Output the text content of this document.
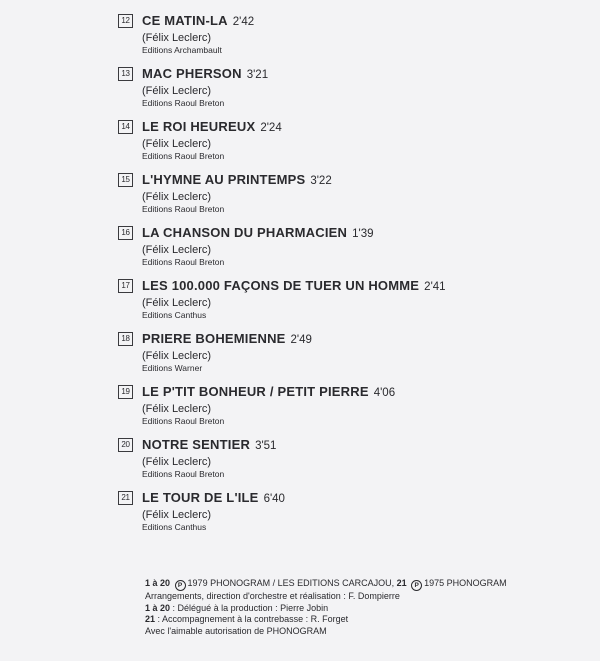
12 CE MATIN-LA 2'42
(Félix Leclerc)
Editions Archambault
13 MAC PHERSON 3'21
(Félix Leclerc)
Editions Raoul Breton
14 LE ROI HEUREUX 2'24
(Félix Leclerc)
Editions Raoul Breton
15 L'HYMNE AU PRINTEMPS 3'22
(Félix Leclerc)
Editions Raoul Breton
16 LA CHANSON DU PHARMACIEN 1'39
(Félix Leclerc)
Editions Raoul Breton
17 LES 100.000 FAÇONS DE TUER UN HOMME 2'41
(Félix Leclerc)
Editions Canthus
18 PRIERE BOHEMIENNE 2'49
(Félix Leclerc)
Editions Warner
19 LE P'TIT BONHEUR / PETIT PIERRE 4'06
(Félix Leclerc)
Editions Raoul Breton
20 NOTRE SENTIER 3'51
(Félix Leclerc)
Editions Raoul Breton
21 LE TOUR DE L'ILE 6'40
(Félix Leclerc)
Editions Canthus
1 à 20 P 1979 PHONOGRAM / LES EDITIONS CARCAJOU, 21 P 1975 PHONOGRAM
Arrangements, direction d'orchestre et réalisation : F. Dompierre
1 à 20 : Délégué à la production : Pierre Jobin
21 : Accompagnement à la contrebasse : R. Forget
Avec l'aimable autorisation de PHONOGRAM
